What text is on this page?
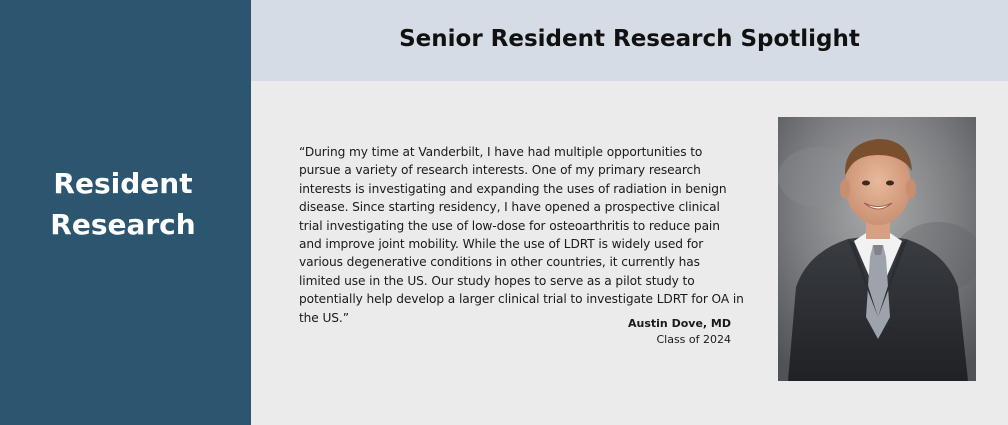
Resident
Research
Senior Resident Research Spotlight

“During my time at Vanderbilt, I have had multiple opportunities to pursue a variety of research interests. One of my primary research interests is investigating and expanding the uses of radiation in benign disease. Since starting residency, I have opened a prospective clinical trial investigating the use of low-dose for osteoarthritis to reduce pain and improve joint mobility. While the use of LDRT is widely used for various degenerative conditions in other countries, it currently has limited use in the US. Our study hopes to serve as a pilot study to potentially help develop a larger clinical trial to investigate LDRT for OA in the US.”	Austin Dove, MD
Class of 2024
